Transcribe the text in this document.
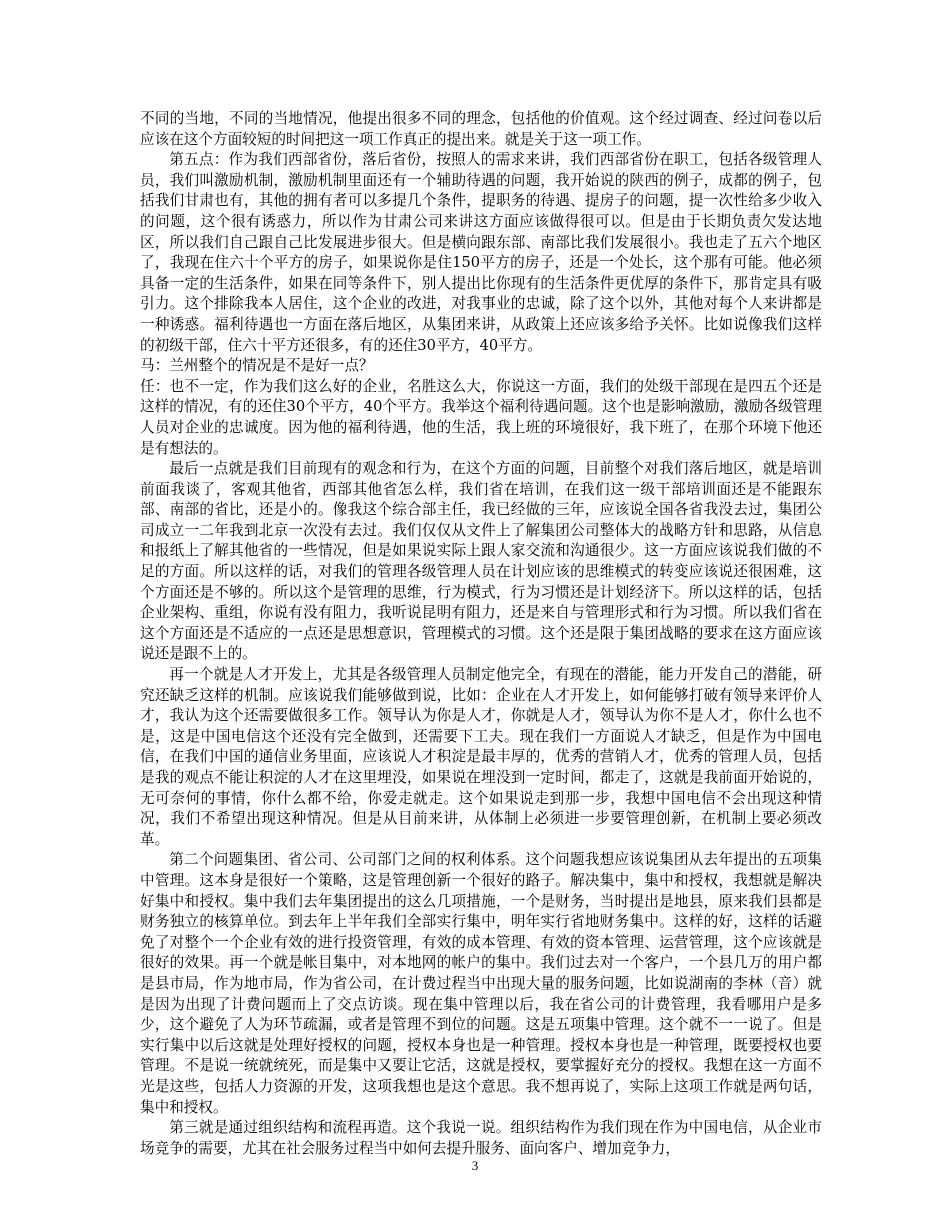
不同的当地，不同的当地情况，他提出很多不同的理念，包括他的价值观。这个经过调查、经过问卷以后应该在这个方面较短的时间把这一项工作真正的提出来。就是关于这一项工作。

第五点：作为我们西部省份，落后省份，按照人的需求来讲，我们西部省份在职工，包括各级管理人员，我们叫激励机制，激励机制里面还有一个辅助待遇的问题，我开始说的陕西的例子，成都的例子，包括我们甘肃也有，其他的拥有者可以多提几个条件，提职务的待遇、提房子的问题，提一次性给多少收入的问题，这个很有诱惑力，所以作为甘肃公司来讲这方面应该做得很可以。但是由于长期负责欠发达地区，所以我们自己跟自己比发展进步很大。但是横向跟东部、南部比我们发展很小。我也走了五六个地区了，我现在住六十个平方的房子，如果说你是住150平方的房子，还是一个处长，这个那有可能。他必须具备一定的生活条件，如果在同等条件下，别人提出比你现有的生活条件更优厚的条件下，那肯定具有吸引力。这个排除我本人居住，这个企业的改进，对我事业的忠诚，除了这个以外，其他对每个人来讲都是一种诱惑。福利待遇也一方面在落后地区，从集团来讲，从政策上还应该多给予关怀。比如说像我们这样的初级干部，住六十平方还很多，有的还住30平方，40平方。

马：兰州整个的情况是不是好一点？

任：也不一定，作为我们这么好的企业，名胜这么大，你说这一方面，我们的处级干部现在是四五个还是这样的情况，有的还住30个平方，40个平方。我举这个福利待遇问题。这个也是影响激励，激励各级管理人员对企业的忠诚度。因为他的福利待遇，他的生活，我上班的环境很好，我下班了，在那个环境下他还是有想法的。

最后一点就是我们目前现有的观念和行为，在这个方面的问题，目前整个对我们落后地区，就是培训前面我谈了，客观其他省，西部其他省怎么样，我们省在培训，在我们这一级干部培训面还是不能跟东部、南部的省比，还是小的。像我这个综合部主任，我已经做的三年，应该说全国各省我没去过，集团公司成立一二年我到北京一次没有去过。我们仅仅从文件上了解集团公司整体大的战略方针和思路，从信息和报纸上了解其他省的一些情况，但是如果说实际上跟人家交流和沟通很少。这一方面应该说我们做的不足的方面。所以这样的话，对我们的管理各级管理人员在计划应该的思维模式的转变应该说还很困难，这个方面还是不够的。所以这个是管理的思维，行为模式，行为习惯还是计划经济下。所以这样的话，包括企业架构、重组，你说有没有阻力，我听说昆明有阻力，还是来自与管理形式和行为习惯。所以我们省在这个方面还是不适应的一点还是思想意识，管理模式的习惯。这个还是限于集团战略的要求在这方面应该说还是跟不上的。

再一个就是人才开发上，尤其是各级管理人员制定他完全，有现在的潜能，能力开发自己的潜能，研究还缺乏这样的机制。应该说我们能够做到说，比如：企业在人才开发上，如何能够打破有领导来评价人才，我认为这个还需要做很多工作。领导认为你是人才，你就是人才，领导认为你不是人才，你什么也不是，这是中国电信这个还没有完全做到，还需要下工夫。现在我们一方面说人才缺乏，但是作为中国电信，在我们中国的通信业务里面，应该说人才积淀是最丰厚的，优秀的营销人才，优秀的管理人员，包括是我的观点不能让积淀的人才在这里埋没，如果说在埋没到一定时间，都走了，这就是我前面开始说的，无可奈何的事情，你什么都不给，你爱走就走。这个如果说走到那一步，我想中国电信不会出现这种情况，我们不希望出现这种情况。但是从目前来讲，从体制上必须进一步要管理创新，在机制上要必须改革。

第二个问题集团、省公司、公司部门之间的权利体系。这个问题我想应该说集团从去年提出的五项集中管理。这本身是很好一个策略，这是管理创新一个很好的路子。解决集中，集中和授权，我想就是解决好集中和授权。集中我们去年集团提出的这么几项措施，一个是财务，当时提出是地县，原来我们县都是财务独立的核算单位。到去年上半年我们全部实行集中，明年实行省地财务集中。这样的好，这样的话避免了对整个一个企业有效的进行投资管理，有效的成本管理、有效的资本管理、运营管理，这个应该就是很好的效果。再一个就是帐目集中，对本地网的帐户的集中。我们过去对一个客户，一个县几万的用户都是县市局，作为地市局，作为省公司，在计费过程当中出现大量的服务问题，比如说湖南的李林（音）就是因为出现了计费问题而上了交点访谈。现在集中管理以后，我在省公司的计费管理，我看哪用户是多少，这个避免了人为环节疏漏，或者是管理不到位的问题。这是五项集中管理。这个就不一一说了。但是实行集中以后这就是处理好授权的问题，授权本身也是一种管理。授权本身也是一种管理，既要授权也要管理。不是说一统就统死，而是集中又要让它活，这就是授权，要掌握好充分的授权。我想在这一方面不光是这些，包括人力资源的开发，这项我想也是这个意思。我不想再说了，实际上这项工作就是两句话，集中和授权。

第三就是通过组织结构和流程再造。这个我说一说。组织结构作为我们现在作为中国电信，从企业市场竞争的需要，尤其在社会服务过程当中如何去提升服务、面向客户、增加竞争力，

3
